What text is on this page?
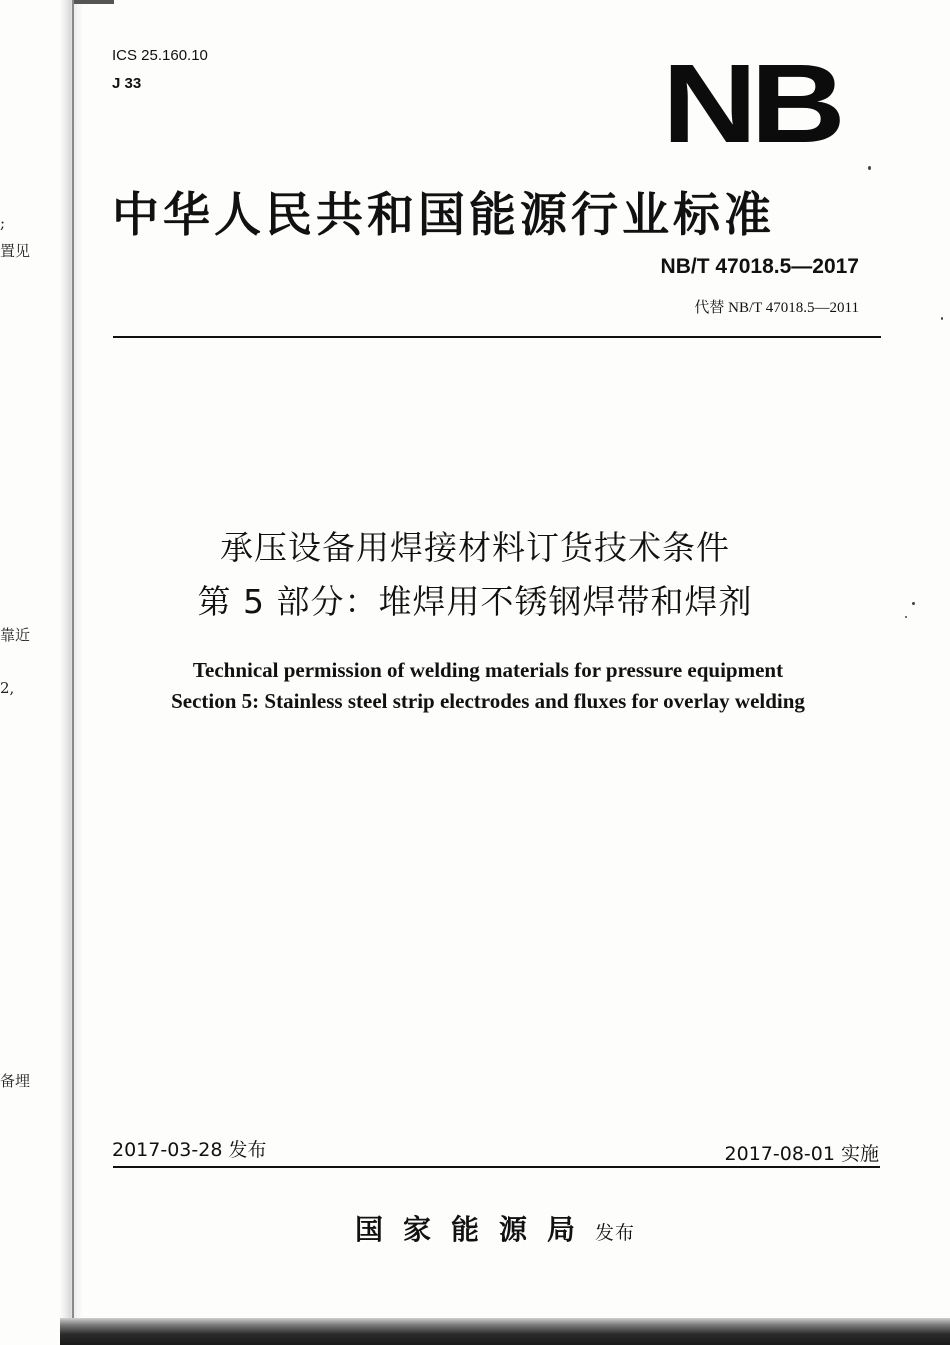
;
置见
靠近
2,
备埋
ICS 25.160.10
J 33	NB
中华人民共和国能源行业标准
NB/T 47018.5—2017
代替 NB/T 47018.5—2011
承压设备用焊接材料订货技术条件
第 5 部分：堆焊用不锈钢焊带和焊剂
Technical permission of welding materials for pressure equipment
Section 5: Stainless steel strip electrodes and fluxes for overlay welding
2017-03-28 发布	2017-08-01 实施
国家能源局发布
